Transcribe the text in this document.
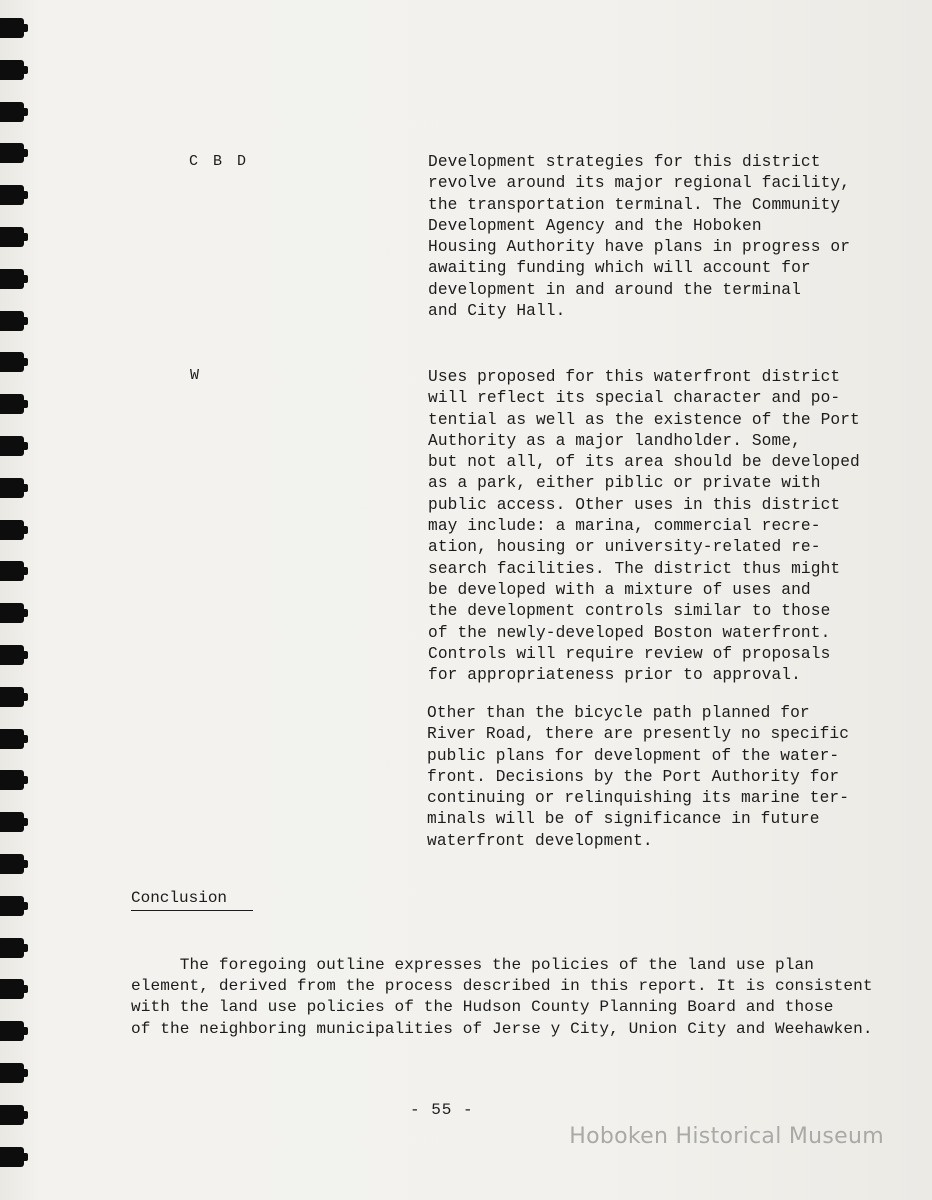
C B D	Development strategies for this district
revolve around its major regional facility,
the transportation terminal. The Community
Development Agency and the Hoboken
Housing Authority have plans in progress or
awaiting funding which will account for
development in and around the terminal
and City Hall.

W	Uses proposed for this waterfront district
will reflect its special character and po-
tential as well as the existence of the Port
Authority as a major landholder. Some,
but not all, of its area should be developed
as a park, either piblic or private with
public access. Other uses in this district
may include: a marina, commercial recre-
ation, housing or university-related re-
search facilities. The district thus might
be developed with a mixture of uses and
the development controls similar to those
of the newly-developed Boston waterfront.
Controls will require review of proposals
for appropriateness prior to approval.

Other than the bicycle path planned for
River Road, there are presently no specific
public plans for development of the water-
front. Decisions by the Port Authority for
continuing or relinquishing its marine ter-
minals will be of significance in future
waterfront development.

Conclusion

The foregoing outline expresses the policies of the land use plan
element, derived from the process described in this report. It is consistent
with the land use policies of the Hudson County Planning Board and those
of the neighboring municipalities of Jerse y City, Union City and Weehawken.

- 55 -
Hoboken Historical Museum
